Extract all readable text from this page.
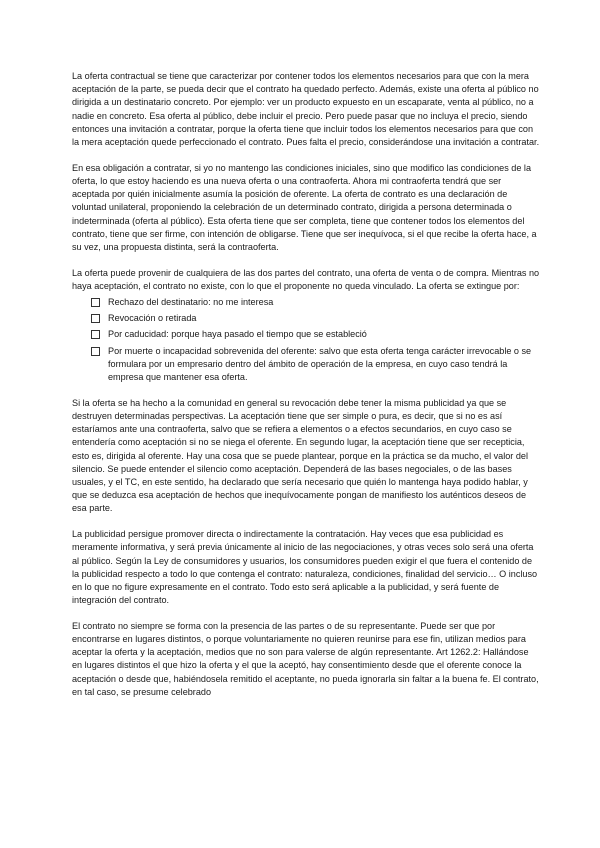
La oferta contractual se tiene que caracterizar por contener todos los elementos necesarios para que con la mera aceptación de la parte, se pueda decir que el contrato ha quedado perfecto. Además, existe una oferta al público no dirigida a un destinatario concreto. Por ejemplo: ver un producto expuesto en un escaparate, venta al público, no a nadie en concreto. Esa oferta al público, debe incluir el precio. Pero puede pasar que no incluya el precio, siendo entonces una invitación a contratar, porque la oferta tiene que incluir todos los elementos necesarios para que con la mera aceptación quede perfeccionado el contrato. Pues falta el precio, considerándose una invitación a contratar.

En esa obligación a contratar, si yo no mantengo las condiciones iniciales, sino que modifico las condiciones de la oferta, lo que estoy haciendo es una nueva oferta o una contraoferta. Ahora mi contraoferta tendrá que ser aceptada por quién inicialmente asumía la posición de oferente. La oferta de contrato es una declaración de voluntad unilateral, proponiendo la celebración de un determinado contrato, dirigida a persona determinada o indeterminada (oferta al público). Esta oferta tiene que ser completa, tiene que contener todos los elementos del contrato, tiene que ser firme, con intención de obligarse. Tiene que ser inequívoca, si el que recibe la oferta hace, a su vez, una propuesta distinta, será la contraoferta.

La oferta puede provenir de cualquiera de las dos partes del contrato, una oferta de venta o de compra. Mientras no haya aceptación, el contrato no existe, con lo que el proponente no queda vinculado. La oferta se extingue por:

Rechazo del destinatario: no me interesa
Revocación o retirada
Por caducidad: porque haya pasado el tiempo que se estableció
Por muerte o incapacidad sobrevenida del oferente: salvo que esta oferta tenga carácter irrevocable o se formulara por un empresario dentro del ámbito de operación de la empresa, en cuyo caso tendrá la empresa que mantener esa oferta.

Si la oferta se ha hecho a la comunidad en general su revocación debe tener la misma publicidad ya que se destruyen determinadas perspectivas. La aceptación tiene que ser simple o pura, es decir, que si no es así estaríamos ante una contraoferta, salvo que se refiera a elementos o a efectos secundarios, en cuyo caso se entendería como aceptación si no se niega el oferente. En segundo lugar, la aceptación tiene que ser recepticia, esto es, dirigida al oferente. Hay una cosa que se puede plantear, porque en la práctica se da mucho, el valor del silencio. Se puede entender el silencio como aceptación. Dependerá de las bases negociales, o de las bases usuales, y el TC, en este sentido, ha declarado que sería necesario que quién lo mantenga haya podido hablar, y que se deduzca esa aceptación de hechos que inequívocamente pongan de manifiesto los auténticos deseos de esa parte.

La publicidad persigue promover directa o indirectamente la contratación. Hay veces que esa publicidad es meramente informativa, y será previa únicamente al inicio de las negociaciones, y otras veces solo será una oferta al público. Según la Ley de consumidores y usuarios, los consumidores pueden exigir el que fuera el contenido de la publicidad respecto a todo lo que contenga el contrato: naturaleza, condiciones, finalidad del servicio… O incluso en lo que no figure expresamente en el contrato. Todo esto será aplicable a la publicidad, y será fuente de integración del contrato.

El contrato no siempre se forma con la presencia de las partes o de su representante. Puede ser que por encontrarse en lugares distintos, o porque voluntariamente no quieren reunirse para ese fin, utilizan medios para aceptar la oferta y la aceptación, medios que no son para valerse de algún representante. Art 1262.2: Hallándose en lugares distintos el que hizo la oferta y el que la aceptó, hay consentimiento desde que el oferente conoce la aceptación o desde que, habiéndosela remitido el aceptante, no pueda ignorarla sin faltar a la buena fe. El contrato, en tal caso, se presume celebrado
